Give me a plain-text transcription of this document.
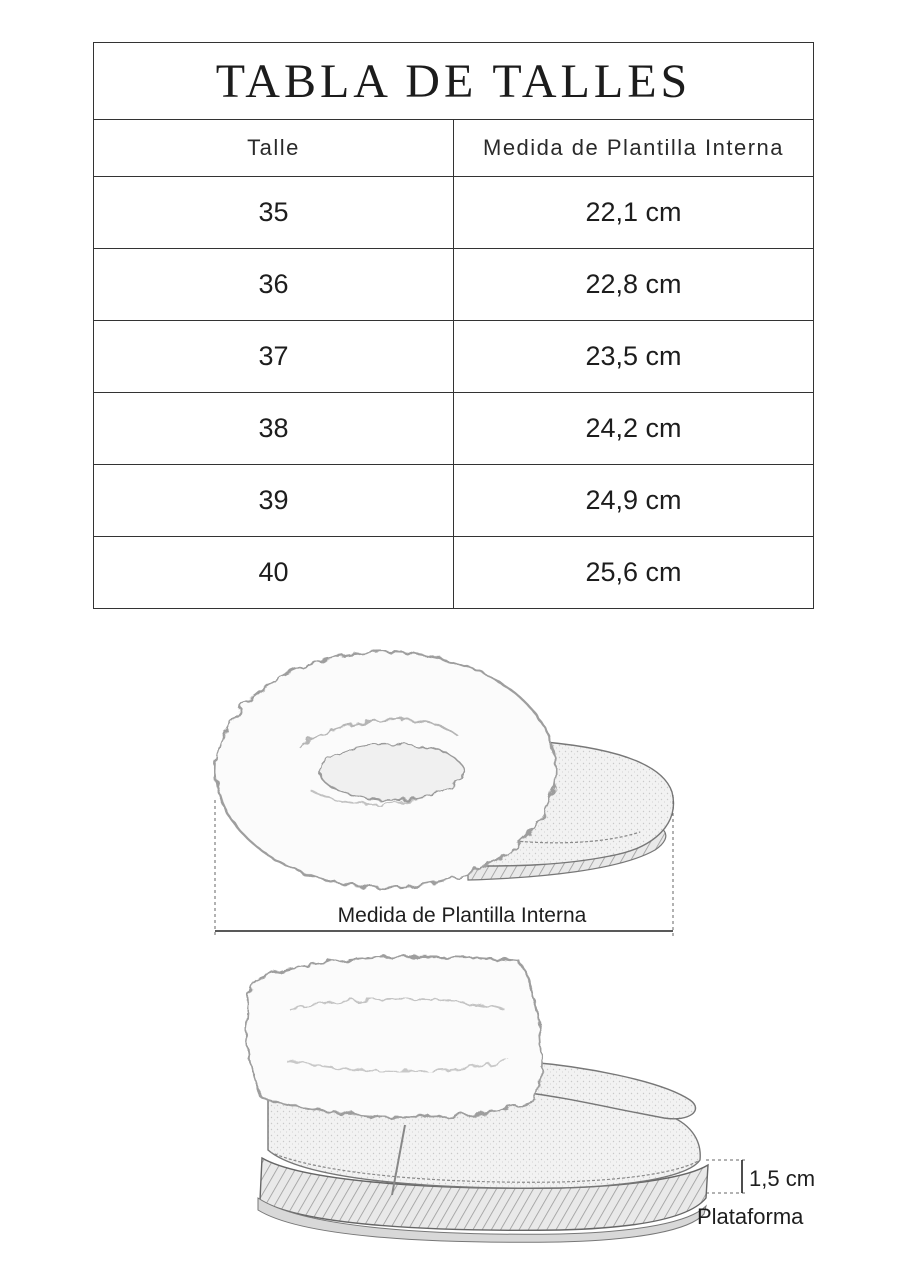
TABLA DE TALLES	
Talle	Medida de Plantilla Interna
35	22,1 cm
36	22,8 cm
37	23,5 cm
38	24,2 cm
39	24,9 cm
40	25,6 cm
Medida de Plantilla Interna
1,5 cm
Plataforma
